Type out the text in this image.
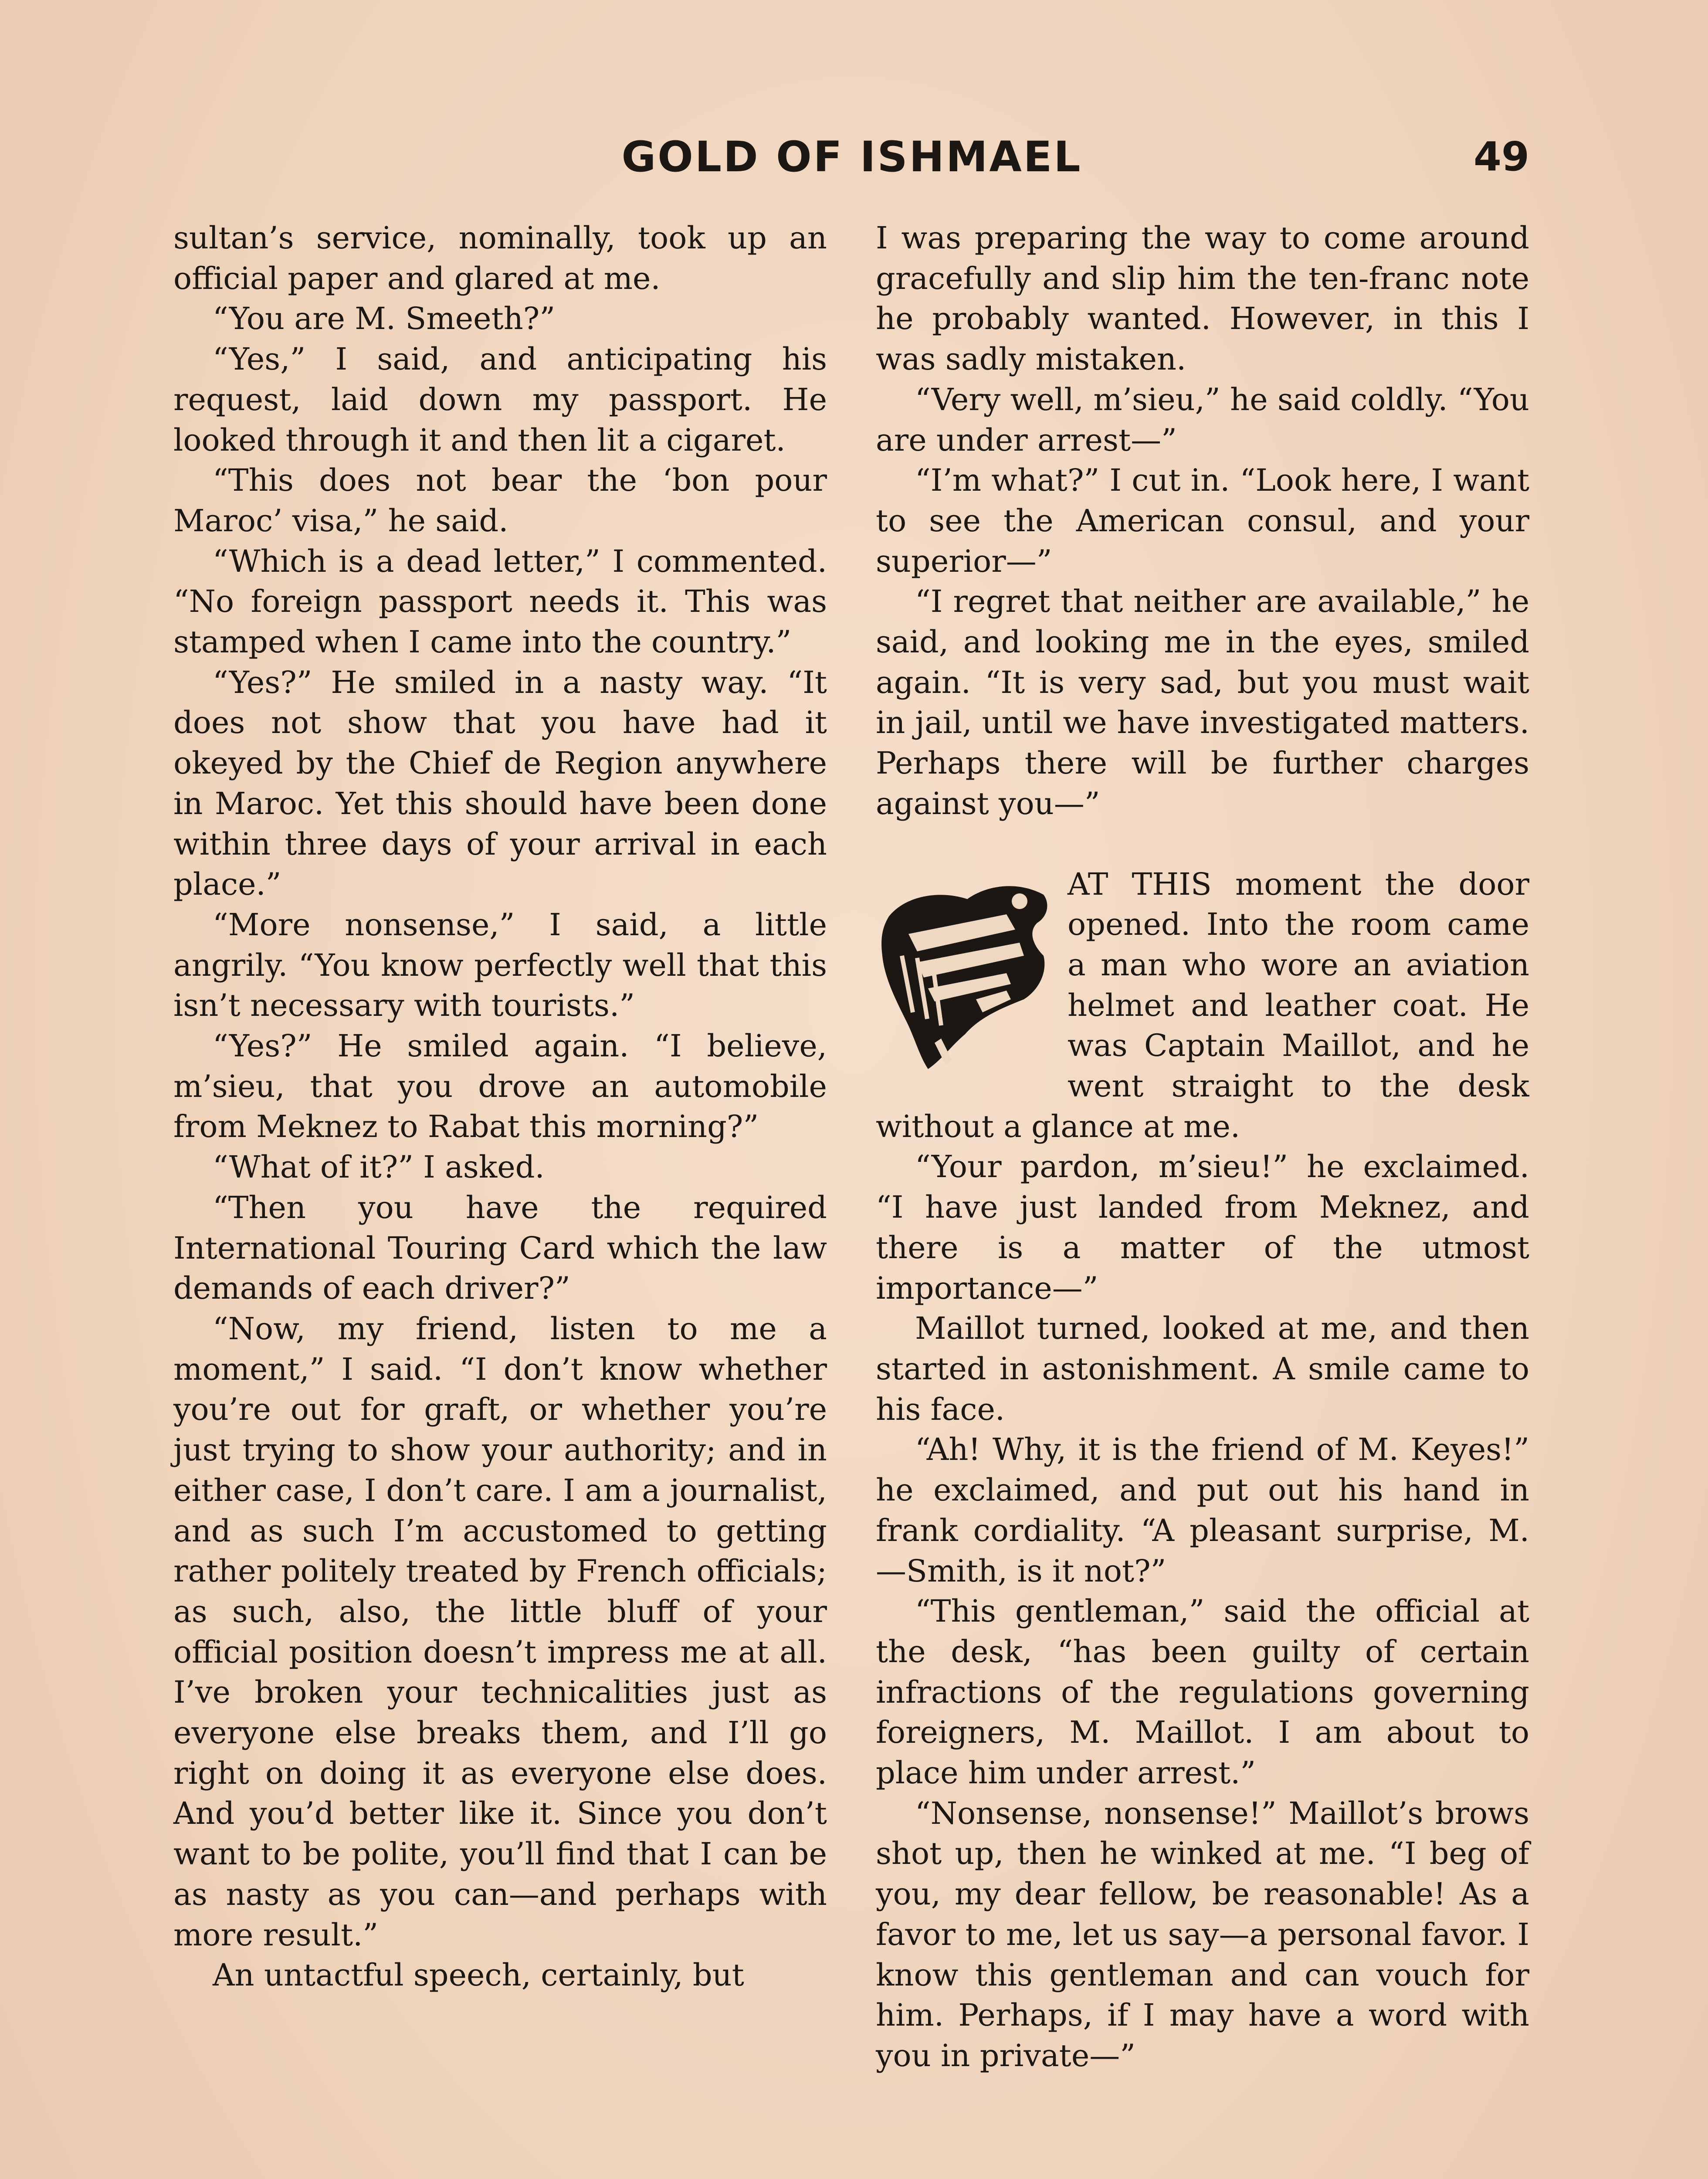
GOLD OF ISHMAEL	49

sultan’s service, nominally, took up an official paper and glared at me.

“You are M. Smeeth?”

“Yes,” I said, and anticipating his request, laid down my passport. He looked through it and then lit a cigaret.

“This does not bear the ‘bon pour Maroc’ visa,” he said.

“Which is a dead letter,” I commented. “No foreign passport needs it. This was stamped when I came into the country.”

“Yes?” He smiled in a nasty way. “It does not show that you have had it okeyed by the Chief de Region anywhere in Maroc. Yet this should have been done within three days of your arrival in each place.”

“More nonsense,” I said, a little angrily. “You know perfectly well that this isn’t necessary with tourists.”

“Yes?” He smiled again. “I believe, m’sieu, that you drove an automobile from Meknez to Rabat this morning?”

“What of it?” I asked.

“Then you have the required International Touring Card which the law demands of each driver?”

“Now, my friend, listen to me a moment,” I said. “I don’t know whether you’re out for graft, or whether you’re just trying to show your authority; and in either case, I don’t care. I am a journalist, and as such I’m accustomed to getting rather politely treated by French officials; as such, also, the little bluff of your official position doesn’t impress me at all. I’ve broken your technicalities just as everyone else breaks them, and I’ll go right on doing it as everyone else does. And you’d better like it. Since you don’t want to be polite, you’ll find that I can be as nasty as you can—and perhaps with more result.”

An untactful speech, certainly, but

I was preparing the way to come around gracefully and slip him the ten-franc note he probably wanted. However, in this I was sadly mistaken.

“Very well, m’sieu,” he said coldly. “You are under arrest—”

“I’m what?” I cut in. “Look here, I want to see the American consul, and your superior—”

“I regret that neither are available,” he said, and looking me in the eyes, smiled again. “It is very sad, but you must wait in jail, until we have investigated matters. Perhaps there will be further charges against you—”

AT THIS moment the door opened. Into the room came a man who wore an aviation helmet and leather coat. He was Captain Maillot, and he went straight to the desk without a glance at me.

“Your pardon, m’sieu!” he exclaimed. “I have just landed from Meknez, and there is a matter of the utmost importance—”

Maillot turned, looked at me, and then started in astonishment. A smile came to his face.

“Ah! Why, it is the friend of M. Keyes!” he exclaimed, and put out his hand in frank cordiality. “A pleasant surprise, M.—Smith, is it not?”

“This gentleman,” said the official at the desk, “has been guilty of certain infractions of the regulations governing foreigners, M. Maillot. I am about to place him under arrest.”

“Nonsense, nonsense!” Maillot’s brows shot up, then he winked at me. “I beg of you, my dear fellow, be reasonable! As a favor to me, let us say—a personal favor. I know this gentleman and can vouch for him. Perhaps, if I may have a word with you in private—”
